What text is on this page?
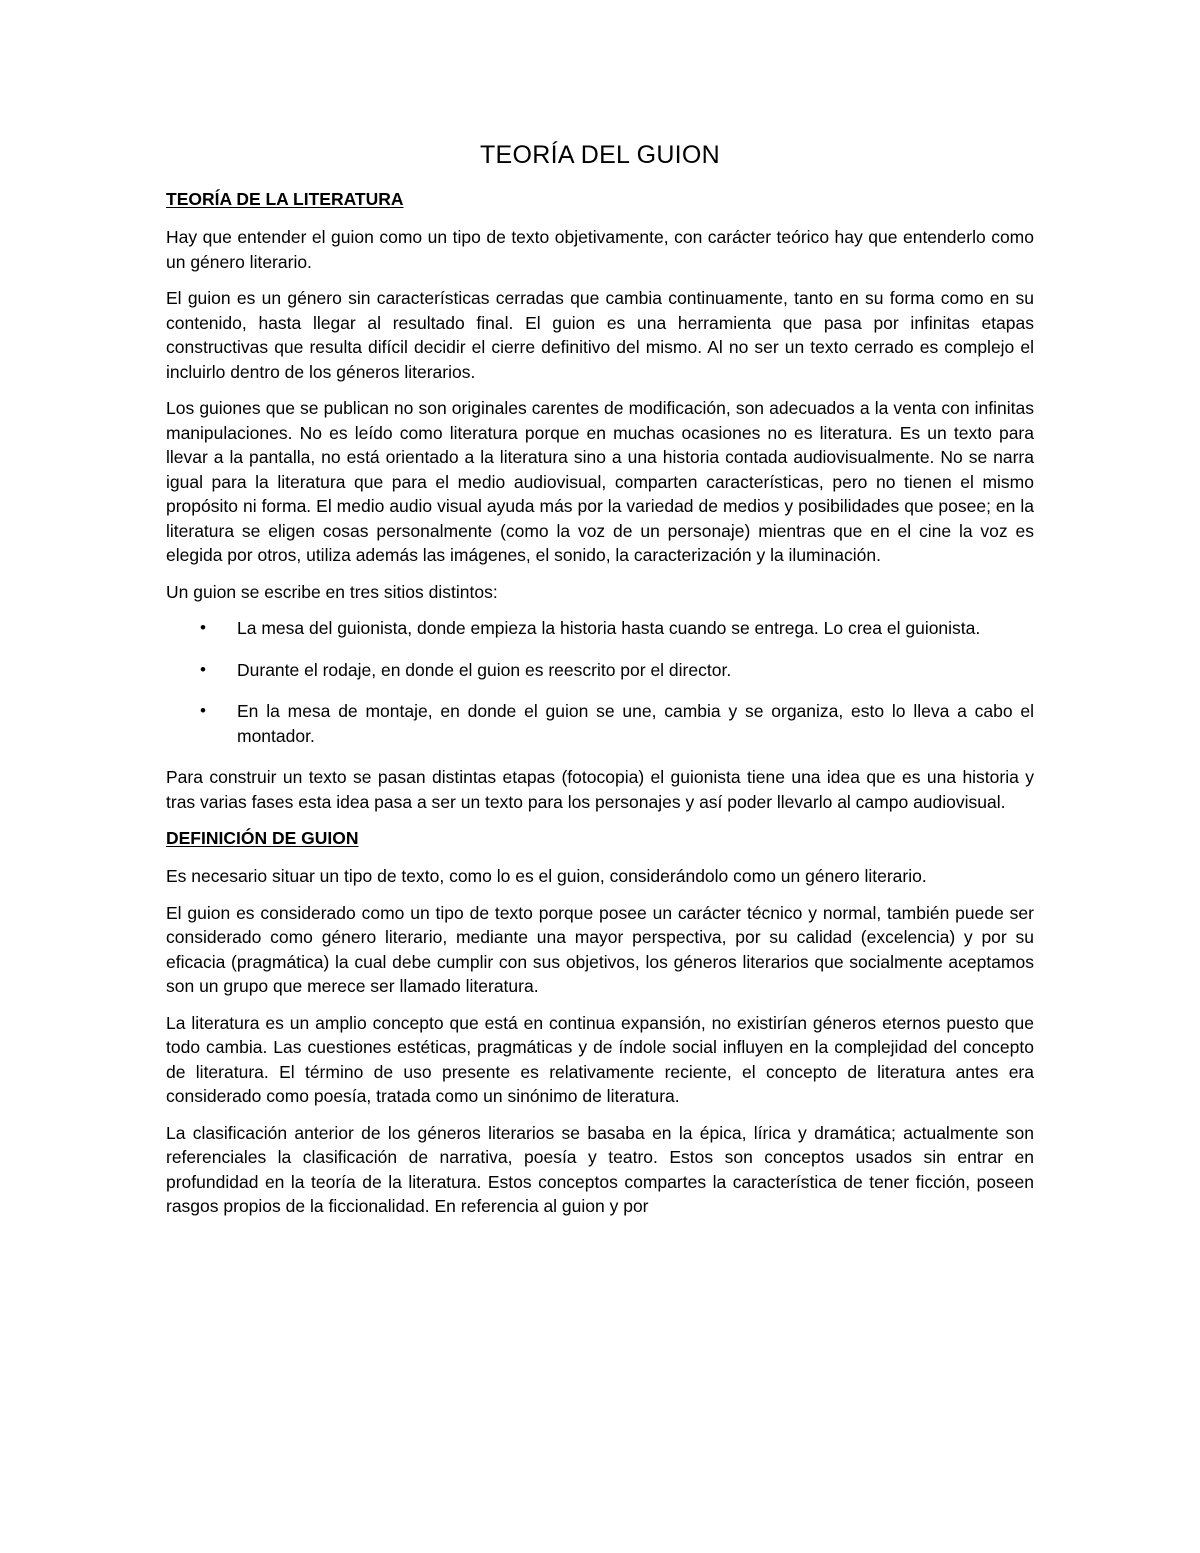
TEORÍA DEL GUION
TEORÍA DE LA LITERATURA

Hay que entender el guion como un tipo de texto objetivamente, con carácter teórico hay que entenderlo como un género literario.

El guion es un género sin características cerradas que cambia continuamente, tanto en su forma como en su contenido, hasta llegar al resultado final. El guion es una herramienta que pasa por infinitas etapas constructivas que resulta difícil decidir el cierre definitivo del mismo. Al no ser un texto cerrado es complejo el incluirlo dentro de los géneros literarios.

Los guiones que se publican no son originales carentes de modificación, son adecuados a la venta con infinitas manipulaciones. No es leído como literatura porque en muchas ocasiones no es literatura. Es un texto para llevar a la pantalla, no está orientado a la literatura sino a una historia contada audiovisualmente. No se narra igual para la literatura que para el medio audiovisual, comparten características, pero no tienen el mismo propósito ni forma. El medio audio visual ayuda más por la variedad de medios y posibilidades que posee; en la literatura se eligen cosas personalmente (como la voz de un personaje) mientras que en el cine la voz es elegida por otros, utiliza además las imágenes, el sonido, la caracterización y la iluminación.

Un guion se escribe en tres sitios distintos:

• La mesa del guionista, donde empieza la historia hasta cuando se entrega. Lo crea el guionista.
• Durante el rodaje, en donde el guion es reescrito por el director.
• En la mesa de montaje, en donde el guion se une, cambia y se organiza, esto lo lleva a cabo el montador.

Para construir un texto se pasan distintas etapas (fotocopia) el guionista tiene una idea que es una historia y tras varias fases esta idea pasa a ser un texto para los personajes y así poder llevarlo al campo audiovisual.

DEFINICIÓN DE GUION

Es necesario situar un tipo de texto, como lo es el guion, considerándolo como un género literario.

El guion es considerado como un tipo de texto porque posee un carácter técnico y normal, también puede ser considerado como género literario, mediante una mayor perspectiva, por su calidad (excelencia) y por su eficacia (pragmática) la cual debe cumplir con sus objetivos, los géneros literarios que socialmente aceptamos son un grupo que merece ser llamado literatura.

La literatura es un amplio concepto que está en continua expansión, no existirían géneros eternos puesto que todo cambia. Las cuestiones estéticas, pragmáticas y de índole social influyen en la complejidad del concepto de literatura. El término de uso presente es relativamente reciente, el concepto de literatura antes era considerado como poesía, tratada como un sinónimo de literatura.

La clasificación anterior de los géneros literarios se basaba en la épica, lírica y dramática; actualmente son referenciales la clasificación de narrativa, poesía y teatro. Estos son conceptos usados sin entrar en profundidad en la teoría de la literatura. Estos conceptos compartes la característica de tener ficción, poseen rasgos propios de la ficcionalidad. En referencia al guion y por
